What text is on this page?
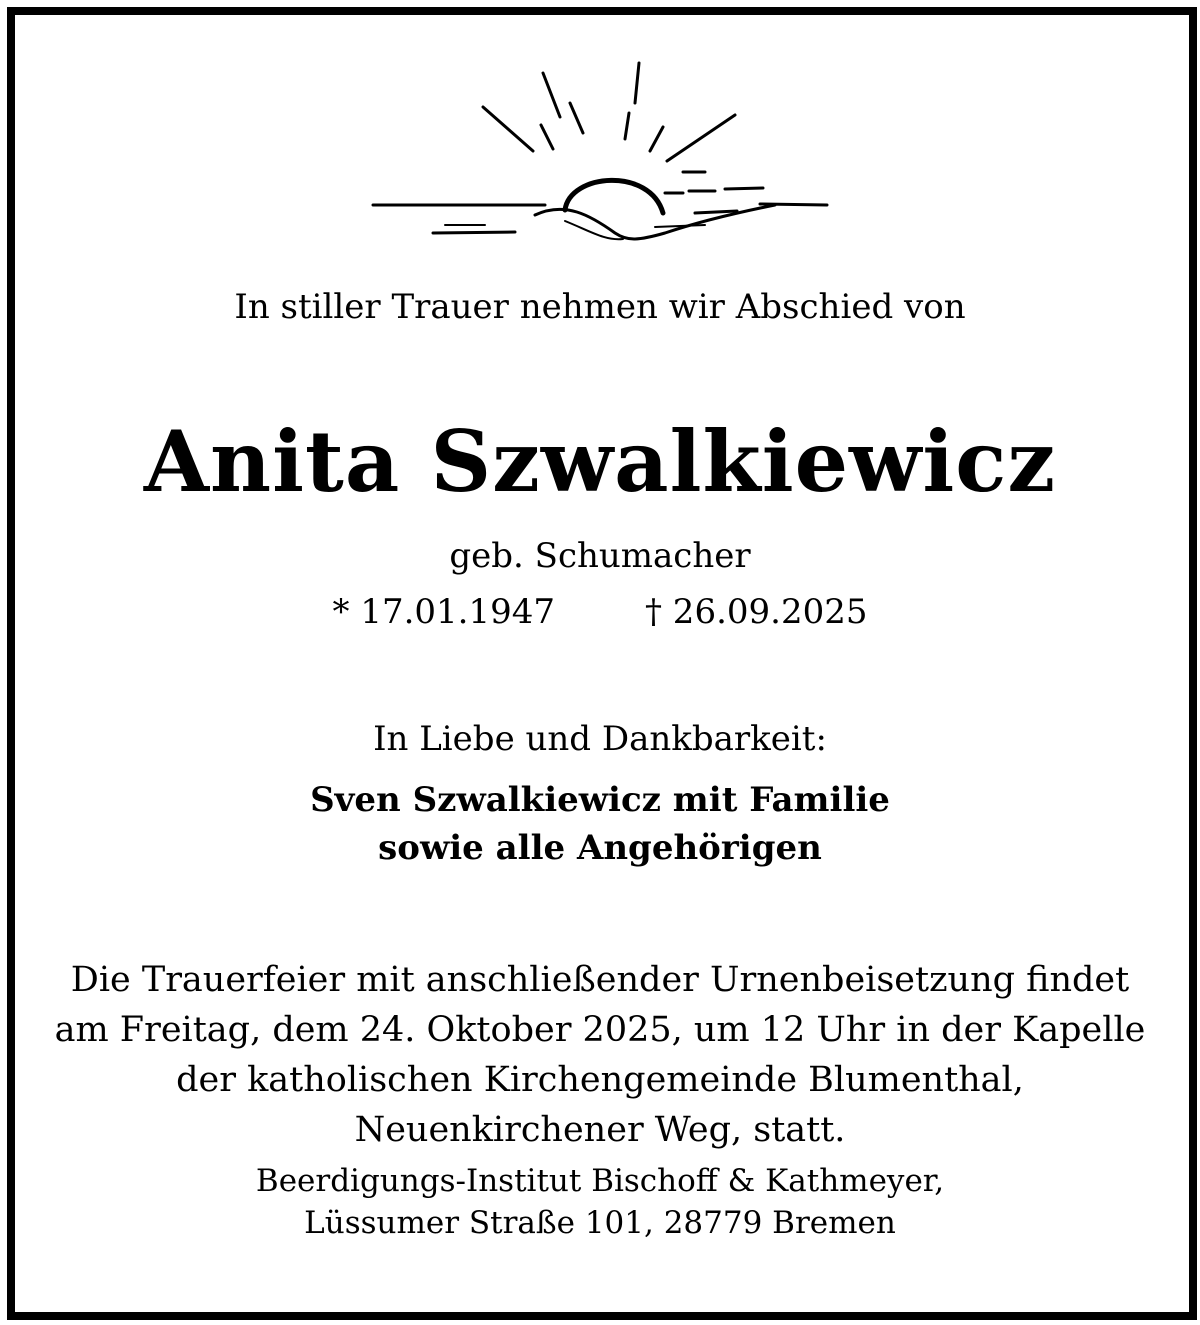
In stiller Trauer nehmen wir Abschied von
Anita Szwalkiewicz
geb. Schumacher
* 17.01.1947	† 26.09.2025
In Liebe und Dankbarkeit:
Sven Szwalkiewicz mit Familie
sowie alle Angehörigen
Die Trauerfeier mit anschließender Urnenbeisetzung findet
am Freitag, dem 24. Oktober 2025, um 12 Uhr in der Kapelle
der katholischen Kirchengemeinde Blumenthal,
Neuenkirchener Weg, statt.
Beerdigungs-Institut Bischoff & Kathmeyer,
Lüssumer Straße 101, 28779 Bremen
